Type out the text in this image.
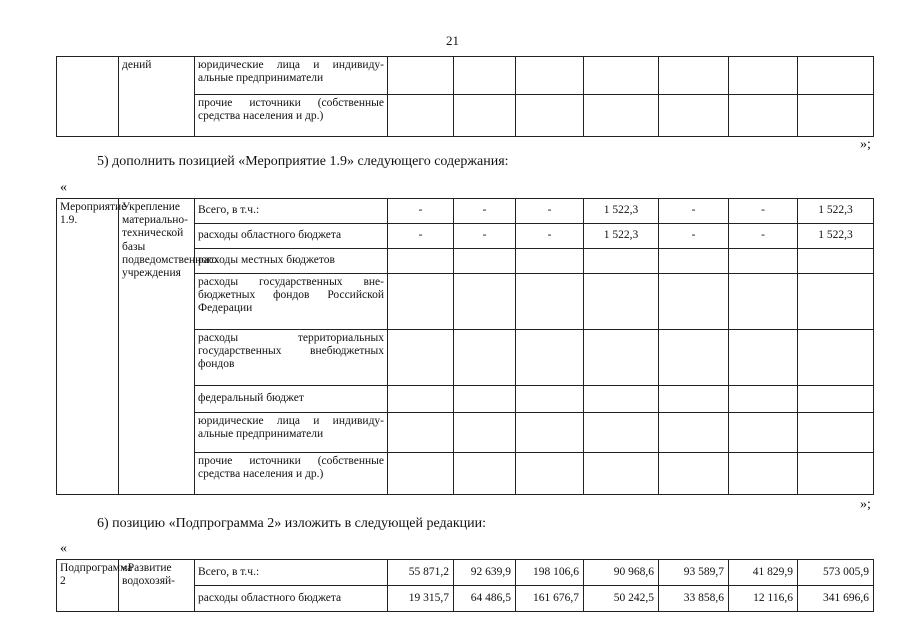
21
	дений	юридические лица и индивиду-альные предприниматели							
		прочие источники (собственные средства населения и др.)							
»;
5) дополнить позицией «Мероприятие 1.9» следующего содержания:
«
Мероприятие 1.9.	Укрепление материально-технической базы подведомственного учреждения	Всего, в т.ч.:	-	-	-	1 522,3	-	-	1 522,3
		расходы областного бюджета	-	-	-	1 522,3	-	-	1 522,3
		расходы местных бюджетов							
		расходы государственных вне-бюджетных фондов Российской Федерации							
		расходы территориальных государственных внебюджетных фондов							
		федеральный бюджет							
		юридические лица и индивиду-альные предприниматели							
		прочие источники (собственные средства населения и др.)							
»;
6) позицию «Подпрограмма 2» изложить в следующей редакции:
«
Подпрограмма 2	«Развитие водохозяй-	Всего, в т.ч.:	55 871,2	92 639,9	198 106,6	90 968,6	93 589,7	41 829,9	573 005,9
		расходы областного бюджета	19 315,7	64 486,5	161 676,7	50 242,5	33 858,6	12 116,6	341 696,6
